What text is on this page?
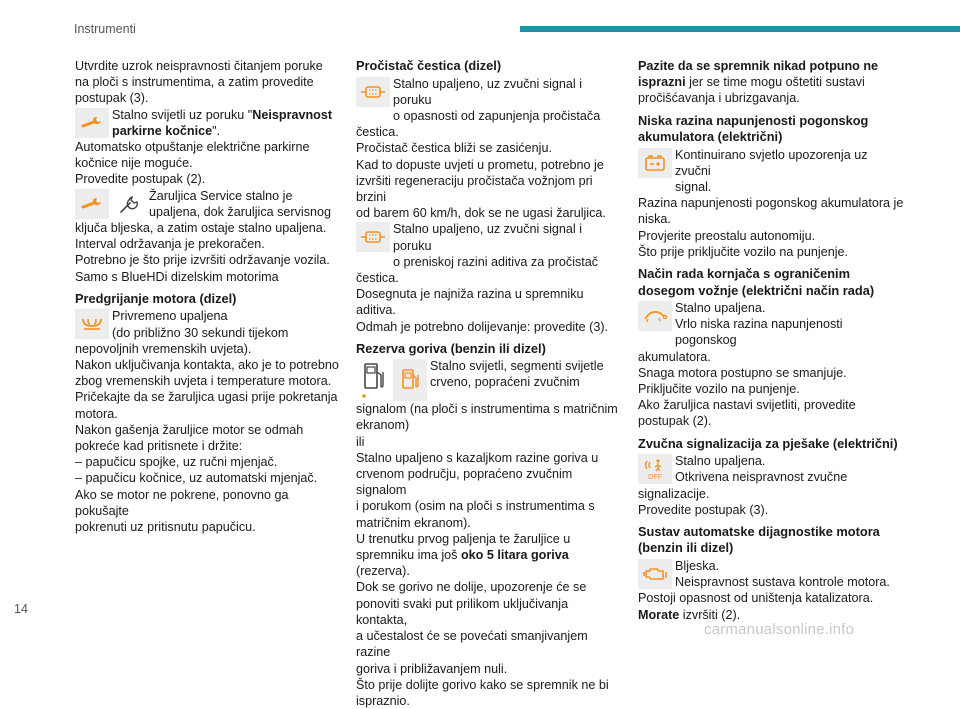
Instrumenti
Utvrdite uzrok neispravnosti čitanjem poruke
na ploči s instrumentima, a zatim provedite
postupak (3).
Stalno svijetli uz poruku "Neispravnost
parkirne kočnice".
Automatsko otpuštanje električne parkirne
kočnice nije moguće.
Provedite postupak (2).
Žaruljica Service stalno je
upaljena, dok žaruljica servisnog
ključa bljeska, a zatim ostaje stalno upaljena.
Interval održavanja je prekoračen.
Potrebno je što prije izvršiti održavanje vozila.
Samo s BlueHDi dizelskim motorima
Predgrijanje motora (dizel)
Privremeno upaljena
(do približno 30 sekundi tijekom
nepovoljnih vremenskih uvjeta).
Nakon uključivanja kontakta, ako je to potrebno
zbog vremenskih uvjeta i temperature motora.
Pričekajte da se žaruljica ugasi prije pokretanja
motora.
Nakon gašenja žaruljice motor se odmah
pokreće kad pritisnete i držite:
– papučicu spojke, uz ručni mjenjač.
– papučicu kočnice, uz automatski mjenjač.
Ako se motor ne pokrene, ponovno ga pokušajte
pokrenuti uz pritisnutu papučicu.
Pročistač čestica (dizel)
Stalno upaljeno, uz zvučni signal i poruku
o opasnosti od zapunjenja pročistača
čestica.
Pročistač čestica bliži se zasićenju.
Kad to dopuste uvjeti u prometu, potrebno je
izvršiti regeneraciju pročistača vožnjom pri brzini
od barem 60 km/h, dok se ne ugasi žaruljica.
Stalno upaljeno, uz zvučni signal i poruku
o preniskoj razini aditiva za pročistač
čestica.
Dosegnuta je najniža razina u spremniku aditiva.
Odmah je potrebno dolijevanje: provedite (3).
Rezerva goriva (benzin ili dizel)
Stalno svijetli, segmenti svijetle
crveno, popraćeni zvučnim
signalom (na ploči s instrumentima s matričnim
ekranom)
ili
Stalno upaljeno s kazaljkom razine goriva u
crvenom području, popraćeno zvučnim signalom
i porukom (osim na ploči s instrumentima s
matričnim ekranom).
U trenutku prvog paljenja te žaruljice u
spremniku ima još oko 5 litara goriva (rezerva).
Dok se gorivo ne dolije, upozorenje će se
ponoviti svaki put prilikom uključivanja kontakta,
a učestalost će se povećati smanjivanjem razine
goriva i približavanjem nuli.
Što prije dolijte gorivo kako se spremnik ne bi
ispraznio.
Pazite da se spremnik nikad potpuno ne
isprazni jer se time mogu oštetiti sustavi
pročišćavanja i ubrizgavanja.
Niska razina napunjenosti pogonskog
akumulatora (električni)
Kontinuirano svjetlo upozorenja uz zvučni
signal.
Razina napunjenosti pogonskog akumulatora je
niska.
Provjerite preostalu autonomiju.
Što prije priključite vozilo na punjenje.
Način rada kornjača s ograničenim
dosegom vožnje (električni način rada)
Stalno upaljena.
Vrlo niska razina napunjenosti pogonskog
akumulatora.
Snaga motora postupno se smanjuje.
Priključite vozilo na punjenje.
Ako žaruljica nastavi svijetliti, provedite
postupak (2).
Zvučna signalizacija za pješake (električni)
OFF
Stalno upaljena.
Otkrivena neispravnost zvučne
signalizacije.
Provedite postupak (3).
Sustav automatske dijagnostike motora
(benzin ili dizel)
Bljeska.
Neispravnost sustava kontrole motora.
Postoji opasnost od uništenja katalizatora.
Morate izvršiti (2).
14
carmanualsonline.info
